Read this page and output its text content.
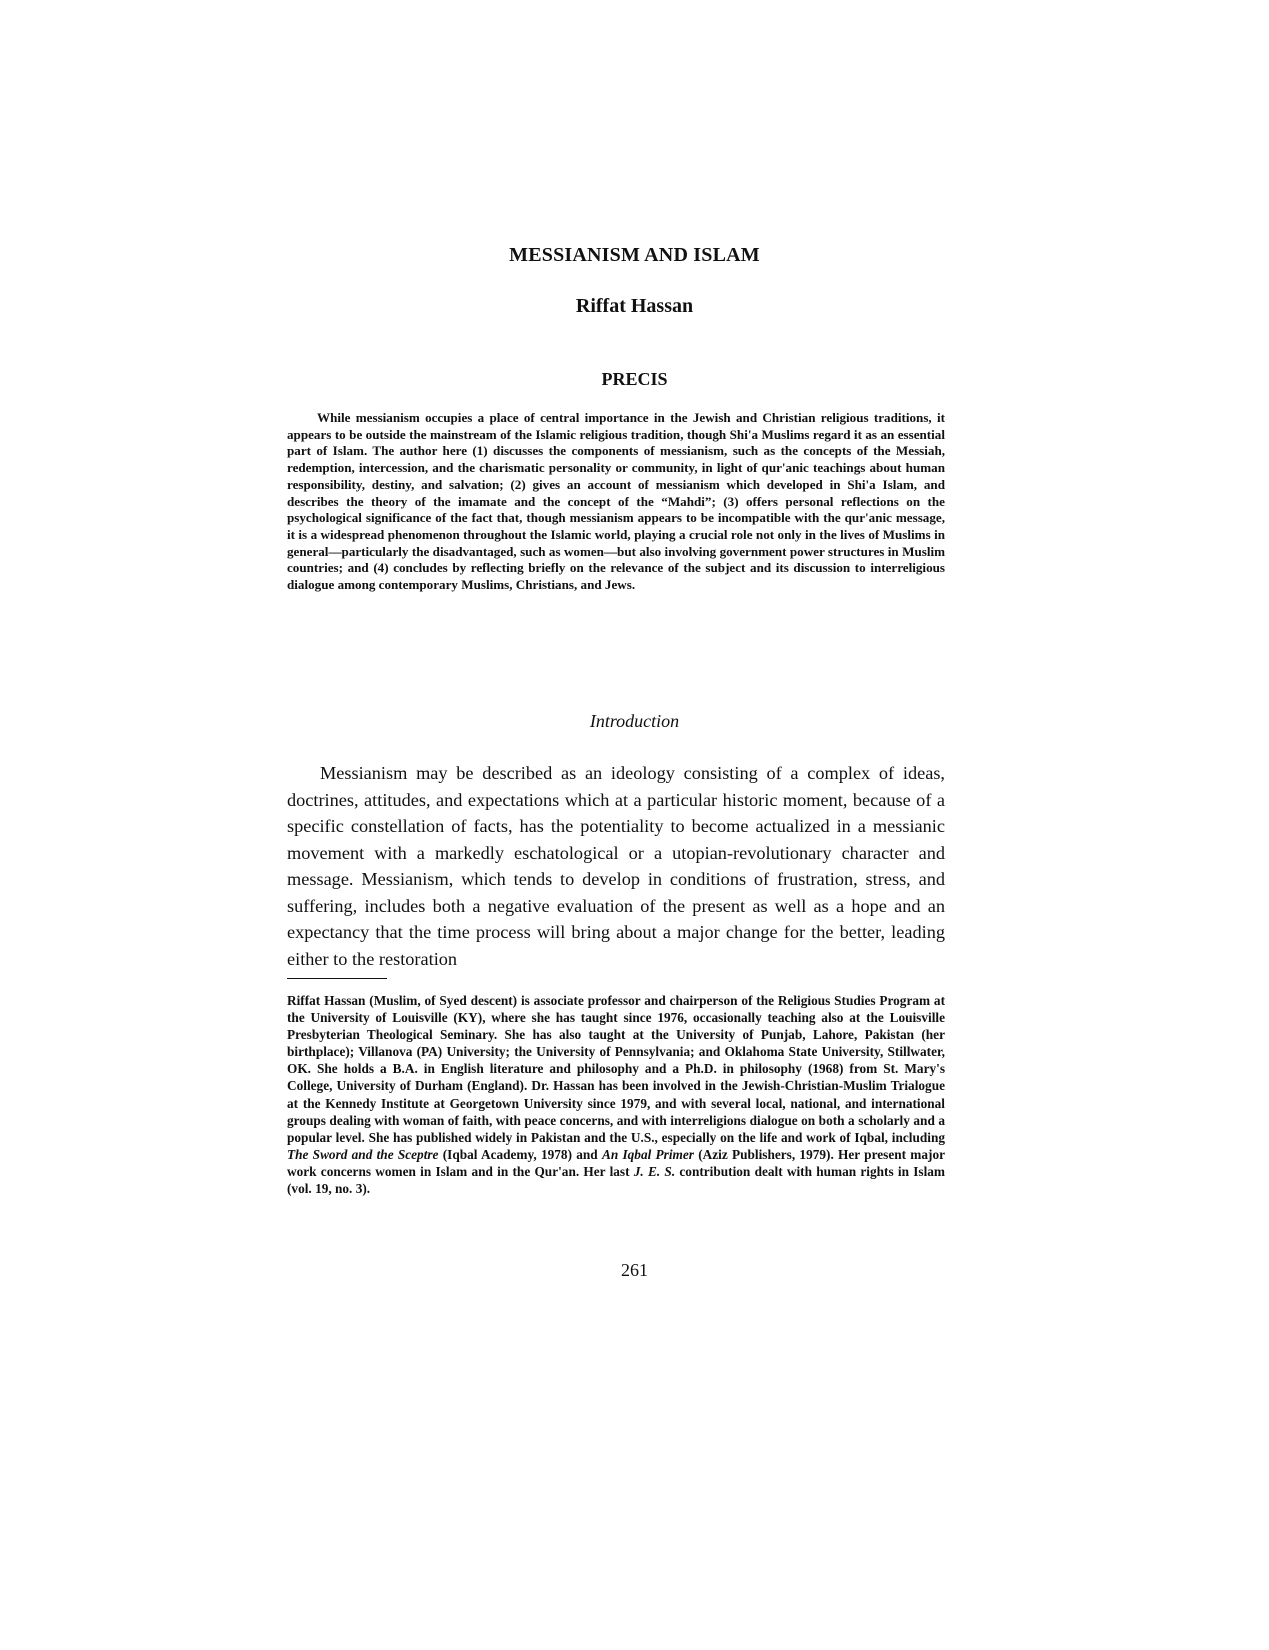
MESSIANISM AND ISLAM
Riffat Hassan
PRECIS

While messianism occupies a place of central importance in the Jewish and Christian religious traditions, it appears to be outside the mainstream of the Islamic religious tradition, though Shi'a Muslims regard it as an essential part of Islam. The author here (1) discusses the components of messianism, such as the concepts of the Messiah, redemption, intercession, and the charismatic personality or community, in light of qur'anic teachings about human responsibility, destiny, and salvation; (2) gives an account of messianism which developed in Shi'a Islam, and describes the theory of the imamate and the concept of the “Mahdi”; (3) offers personal reflections on the psychological significance of the fact that, though messianism appears to be incompatible with the qur'anic message, it is a widespread phenomenon throughout the Islamic world, playing a crucial role not only in the lives of Muslims in general—particularly the disadvantaged, such as women—but also involving government power structures in Muslim countries; and (4) concludes by reflecting briefly on the relevance of the subject and its discussion to interreligious dialogue among contemporary Muslims, Christians, and Jews.

Introduction

Messianism may be described as an ideology consisting of a complex of ideas, doctrines, attitudes, and expectations which at a particular historic moment, because of a specific constellation of facts, has the potentiality to become actualized in a messianic movement with a markedly eschatological or a utopian-revolutionary character and message. Messianism, which tends to develop in conditions of frustration, stress, and suffering, includes both a negative evaluation of the present as well as a hope and an expectancy that the time process will bring about a major change for the better, leading either to the restoration

Riffat Hassan (Muslim, of Syed descent) is associate professor and chairperson of the Religious Studies Program at the University of Louisville (KY), where she has taught since 1976, occasionally teaching also at the Louisville Presbyterian Theological Seminary. She has also taught at the University of Punjab, Lahore, Pakistan (her birthplace); Villanova (PA) University; the University of Pennsylvania; and Oklahoma State University, Stillwater, OK. She holds a B.A. in English literature and philosophy and a Ph.D. in philosophy (1968) from St. Mary's College, University of Durham (England). Dr. Hassan has been involved in the Jewish-Christian-Muslim Trialogue at the Kennedy Institute at Georgetown University since 1979, and with several local, national, and international groups dealing with woman of faith, with peace concerns, and with interreligions dialogue on both a scholarly and a popular level. She has published widely in Pakistan and the U.S., especially on the life and work of Iqbal, including The Sword and the Sceptre (Iqbal Academy, 1978) and An Iqbal Primer (Aziz Publishers, 1979). Her present major work concerns women in Islam and in the Qur'an. Her last J. E. S. contribution dealt with human rights in Islam (vol. 19, no. 3).

261
